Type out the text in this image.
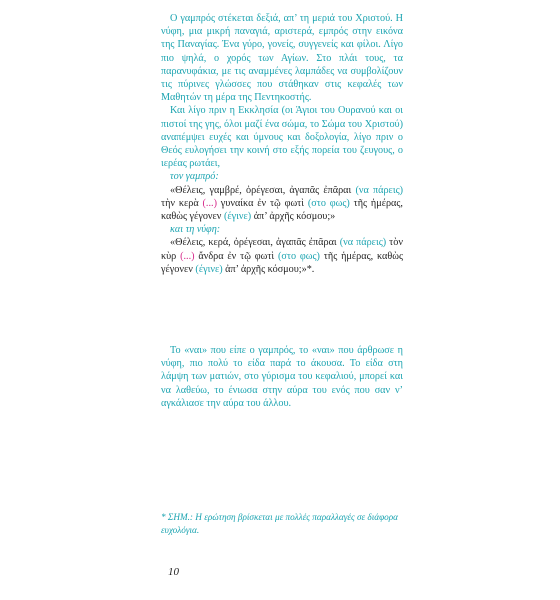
Ο γαμπρός στέκεται δεξιά, απ’ τη μεριά του Χριστού. Η νύφη, μια μικρή παναγιά, αριστερά, εμπρός στην εικόνα της Παναγίας. Ένα γύρο, γονείς, συγγενείς και φίλοι. Λίγο πιο ψηλά, ο χορός των Αγίων. Στο πλάι τους, τα παρανυφάκια, με τις αναμμένες λαμπάδες να συμβολίζουν τις πύρινες γλώσσες που στάθηκαν στις κεφαλές των Μαθητών τη μέρα της Πεντηκοστής.

Και λίγο πριν η Εκκλησία (οι Άγιοι του Ουρανού και οι πιστοί της γης, όλοι μαζί ένα σώμα, το Σώμα του Χριστού) αναπέμψει ευχές και ύμνους και δοξολογία, λίγο πριν ο Θεός ευλογήσει την κοινή στο εξής πορεία του ζευγους, ο ιερέας ρωτάει,

τον γαμπρό:

«Θέλεις, γαμβρέ, ὀρέγεσαι, ἀγαπᾶς ἐπᾶραι (να πάρεις) τὴν κερὰ (...) γυναίκα ἐν τῷ φωτὶ (στο φως) τῆς ἡμέρας, καθὼς γέγονεν (έγινε) ἀπ’ ἀρχῆς κόσμου;»

και τη νύφη:

«Θέλεις, κερά, ὀρέγεσαι, ἀγαπᾶς ἐπᾶραι (να πάρεις) τὸν κὺρ (...) ἄνδρα ἐν τῷ φωτὶ (στο φως) τῆς ἡμέρας, καθὼς γέγονεν (έγινε) ἀπ’ ἀρχῆς κόσμου;»*.

Το «ναι» που είπε ο γαμπρός, το «ναι» που άρθρωσε η νύφη, πιο πολύ το είδα παρά το άκουσα. Το είδα στη λάμψη των ματιών, στο γύρισμα του κεφαλιού, μπορεί και να λαθεύω, το ένιωσα στην αύρα του ενός που σαν ν’ αγκάλιασε την αύρα του άλλου.

* ΣΗΜ.: Η ερώτηση βρίσκεται με πολλές παραλλαγές σε διάφορα ευχολόγια.
10
